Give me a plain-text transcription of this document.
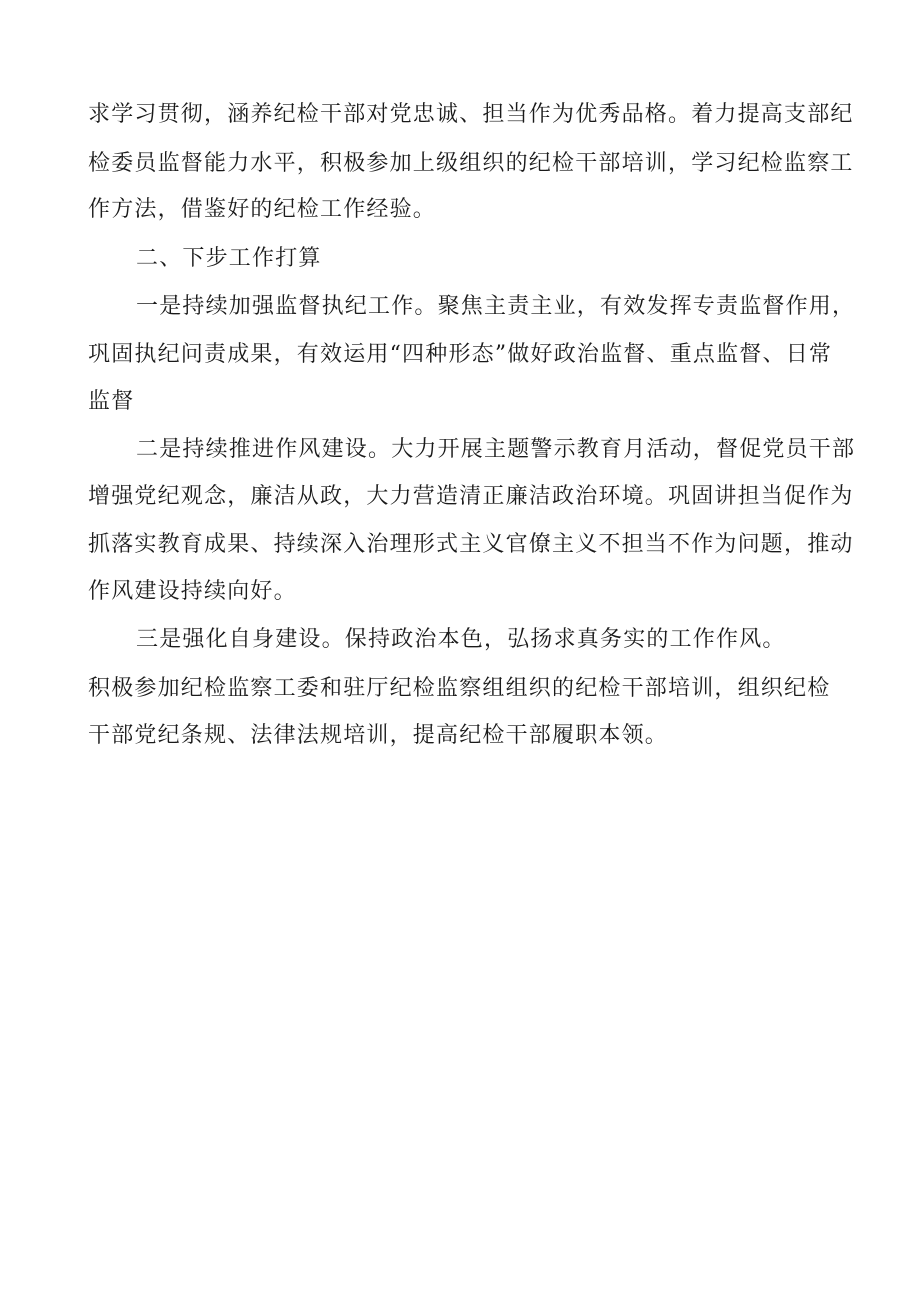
求学习贯彻，涵养纪检干部对党忠诚、担当作为优秀品格。着力提高支部纪
检委员监督能力水平，积极参加上级组织的纪检干部培训，学习纪检监察工
作方法，借鉴好的纪检工作经验。
二、下步工作打算
一是持续加强监督执纪工作。聚焦主责主业，有效发挥专责监督作用，
巩固执纪问责成果，有效运用“四种形态”做好政治监督、重点监督、日常
监督
二是持续推进作风建设。大力开展主题警示教育月活动，督促党员干部
增强党纪观念，廉洁从政，大力营造清正廉洁政治环境。巩固讲担当促作为
抓落实教育成果、持续深入治理形式主义官僚主义不担当不作为问题，推动
作风建设持续向好。
三是强化自身建设。保持政治本色，弘扬求真务实的工作作风。
积极参加纪检监察工委和驻厅纪检监察组组织的纪检干部培训，组织纪检
干部党纪条规、法律法规培训，提高纪检干部履职本领。
